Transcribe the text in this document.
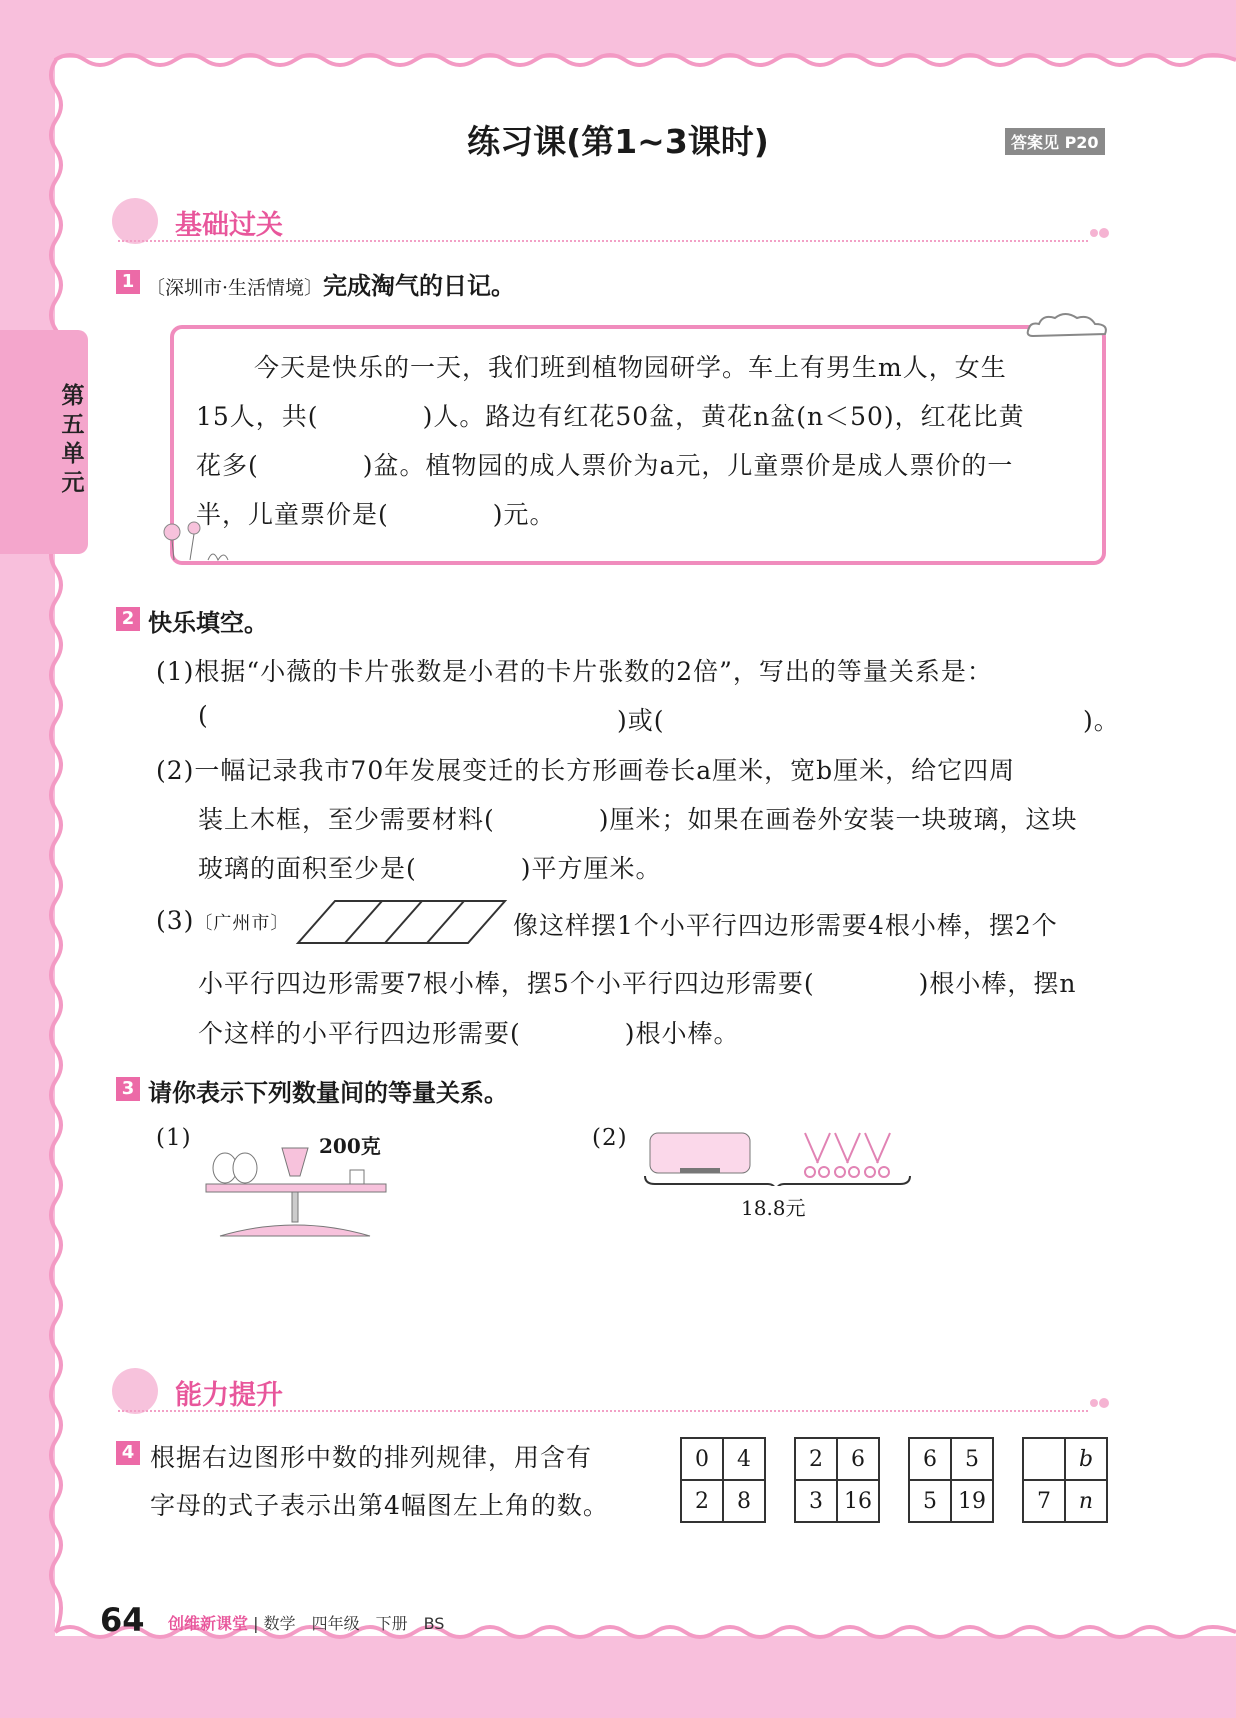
第五单元
练习课(第1~3课时)	答案见 P20
基础过关
1 〔深圳市·生活情境〕完成淘气的日记。
今天是快乐的一天，我们班到植物园研学。车上有男生m人，女生
15人，共(　　　　)人。路边有红花50盆，黄花n盆(n＜50)，红花比黄
花多(　　　　)盆。植物园的成人票价为a元，儿童票价是成人票价的一
半，儿童票价是(　　　　)元。
2 快乐填空。
(1)根据“小薇的卡片张数是小君的卡片张数的2倍”，写出的等量关系是：
(	)或(	)。
(2)一幅记录我市70年发展变迁的长方形画卷长a厘米，宽b厘米，给它四周
装上木框，至少需要材料(　　　　)厘米；如果在画卷外安装一块玻璃，这块
玻璃的面积至少是(　　　　)平方厘米。
(3)〔广州市〕	像这样摆1个小平行四边形需要4根小棒，摆2个
小平行四边形需要7根小棒，摆5个小平行四边形需要(　　　　)根小棒，摆n
个这样的小平行四边形需要(　　　　)根小棒。
3 请你表示下列数量间的等量关系。
(1)	200克	(2)
18.8元
能力提升
4 根据右边图形中数的排列规律，用含有
字母的式子表示出第4幅图左上角的数。
0	4
2	8
2	6
3	16
6	5
5	19
	b
7	n
64 创维新课堂 | 数学　四年级　下册　BS
